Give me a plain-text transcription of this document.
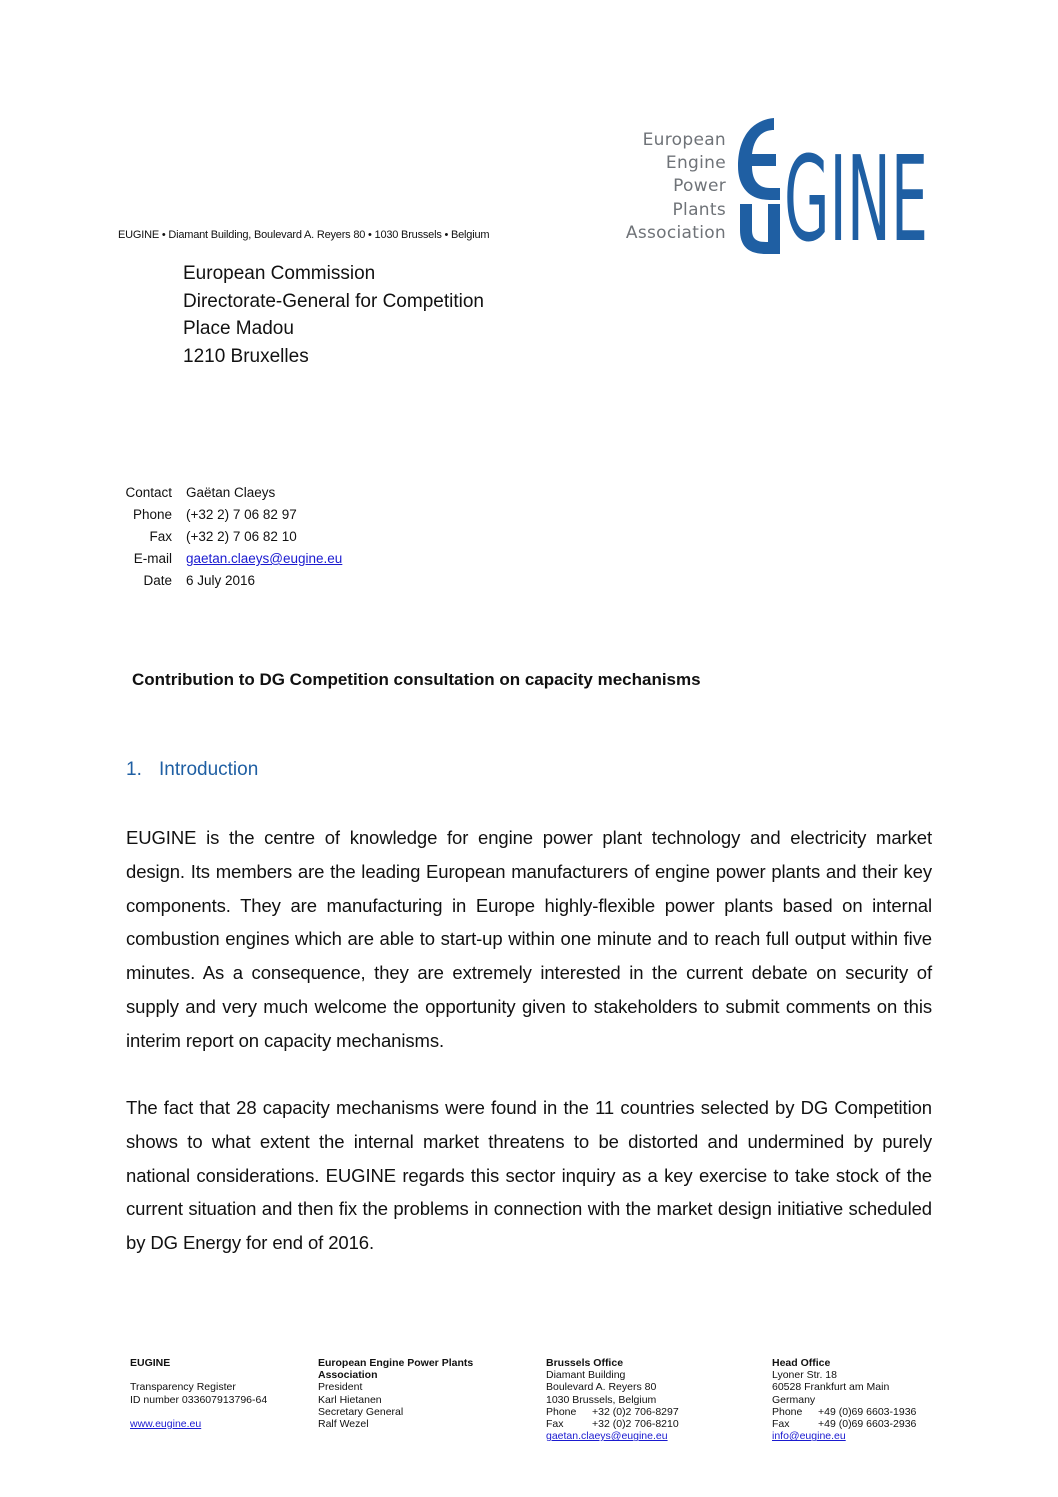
European
Engine
Power
Plants
Association GINE
EUGINE • Diamant Building, Boulevard A. Reyers 80 • 1030 Brussels • Belgium
European Commission
Directorate-General for Competition
Place Madou
1210 Bruxelles
Contact	Gaëtan Claeys
Phone	(+32 2) 7 06 82 97
Fax	(+32 2) 7 06 82 10
E-mail	gaetan.claeys@eugine.eu
Date	6 July 2016
Contribution to DG Competition consultation on capacity mechanisms
1. Introduction
EUGINE is the centre of knowledge for engine power plant technology and electricity market design. Its members are the leading European manufacturers of engine power plants and their key components. They are manufacturing in Europe highly-flexible power plants based on internal combustion engines which are able to start-up within one minute and to reach full output within five minutes. As a consequence, they are extremely interested in the current debate on security of supply and very much welcome the opportunity given to stakeholders to submit comments on this interim report on capacity mechanisms.
The fact that 28 capacity mechanisms were found in the 11 countries selected by DG Competition shows to what extent the internal market threatens to be distorted and undermined by purely national considerations. EUGINE regards this sector inquiry as a key exercise to take stock of the current situation and then fix the problems in connection with the market design initiative scheduled by DG Energy for end of 2016.
EUGINE

Transparency Register
ID number 033607913796-64

www.eugine.eu
European Engine Power Plants
Association
President
Karl Hietanen
Secretary General
Ralf Wezel
Brussels Office
Diamant Building
Boulevard A. Reyers 80
1030 Brussels, Belgium
Phone	+32 (0)2 706-8297
Fax	+32 (0)2 706-8210
gaetan.claeys@eugine.eu
Head Office
Lyoner Str. 18
60528 Frankfurt am Main
Germany
Phone	+49 (0)69 6603-1936
Fax	+49 (0)69 6603-2936
info@eugine.eu
